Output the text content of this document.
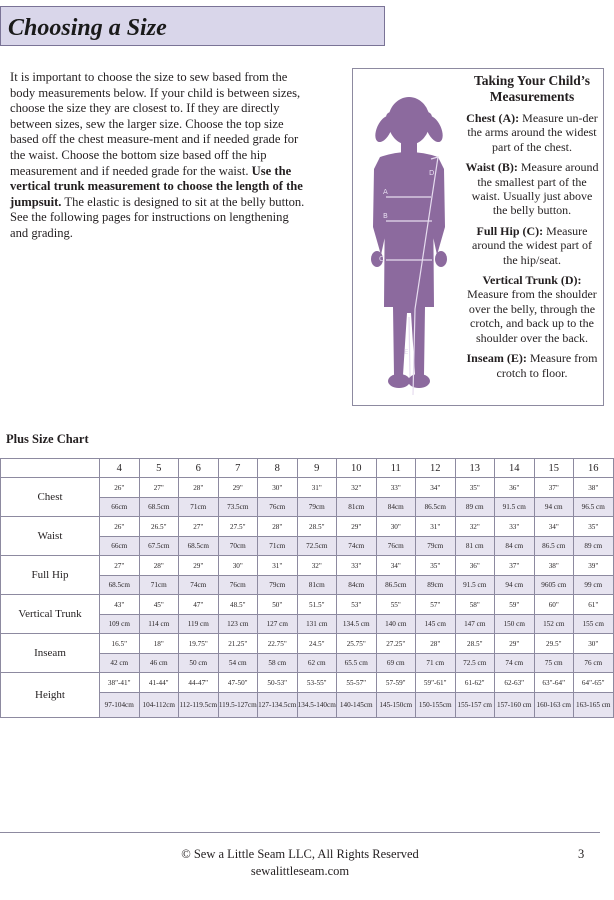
Choosing a Size

It is important to choose the size to sew based from the body measurements below. If your child is between sizes, choose the size they are closest to. If they are directly between sizes, sew the larger size. Choose the top size based off the chest measure-ment and if needed grade for the waist. Choose the bottom size based off the hip measurement and if needed grade for the waist. Use the vertical trunk measurement to choose the length of the jumpsuit. The elastic is designed to sit at the belly button. See the following pages for instructions on lengthening and grading.

A
B
C
D
E
Taking Your Child’s Measurements

Chest (A): Measure un-der the arms around the widest part of the chest.

Waist (B): Measure around the smallest part of the waist. Usually just above the belly button.

Full Hip (C): Measure around the widest part of the hip/seat.

Vertical Trunk (D): Measure from the shoulder over the belly, through the crotch, and back up to the shoulder over the back.

Inseam (E): Measure from crotch to floor.

Plus Size Chart
	4	5	6	7	8	9	10	11	12	13	14	15	16
Chest	26"	27"	28"	29"	30"	31"	32"	33"	34"	35"	36"	37"	38"
	66cm	68.5cm	71cm	73.5cm	76cm	79cm	81cm	84cm	86.5cm	89 cm	91.5 cm	94 cm	96.5 cm
Waist	26"	26.5"	27"	27.5"	28"	28.5"	29"	30"	31"	32"	33"	34"	35"
	66cm	67.5cm	68.5cm	70cm	71cm	72.5cm	74cm	76cm	79cm	81 cm	84 cm	86.5 cm	89 cm
Full Hip	27"	28"	29"	30"	31"	32"	33"	34"	35"	36"	37"	38"	39"
	68.5cm	71cm	74cm	76cm	79cm	81cm	84cm	86.5cm	89cm	91.5 cm	94 cm	9605 cm	99 cm
Vertical Trunk	43"	45"	47"	48.5"	50"	51.5"	53"	55"	57"	58"	59"	60"	61"
	109 cm	114 cm	119 cm	123 cm	127 cm	131 cm	134.5 cm	140 cm	145 cm	147 cm	150 cm	152 cm	155 cm
Inseam	16.5"	18"	19.75"	21.25"	22.75"	24.5"	25.75"	27.25"	28"	28.5"	29"	29.5"	30"
	42 cm	46 cm	50 cm	54 cm	58 cm	62 cm	65.5 cm	69 cm	71 cm	72.5 cm	74 cm	75 cm	76 cm
Height	38"-41"	41-44"	44-47"	47-50"	50-53"	53-55"	55-57"	57-59"	59"-61"	61-62"	62-63"	63"-64"	64"-65"
	97-104cm	104-112cm	112-119.5cm	119.5-127cm	127-134.5cm	134.5-140cm	140-145cm	145-150cm	150-155cm	155-157 cm	157-160 cm	160-163 cm	163-165 cm
© Sew a Little Seam LLC, All Rights Reserved
sewalittleseam.com
3
